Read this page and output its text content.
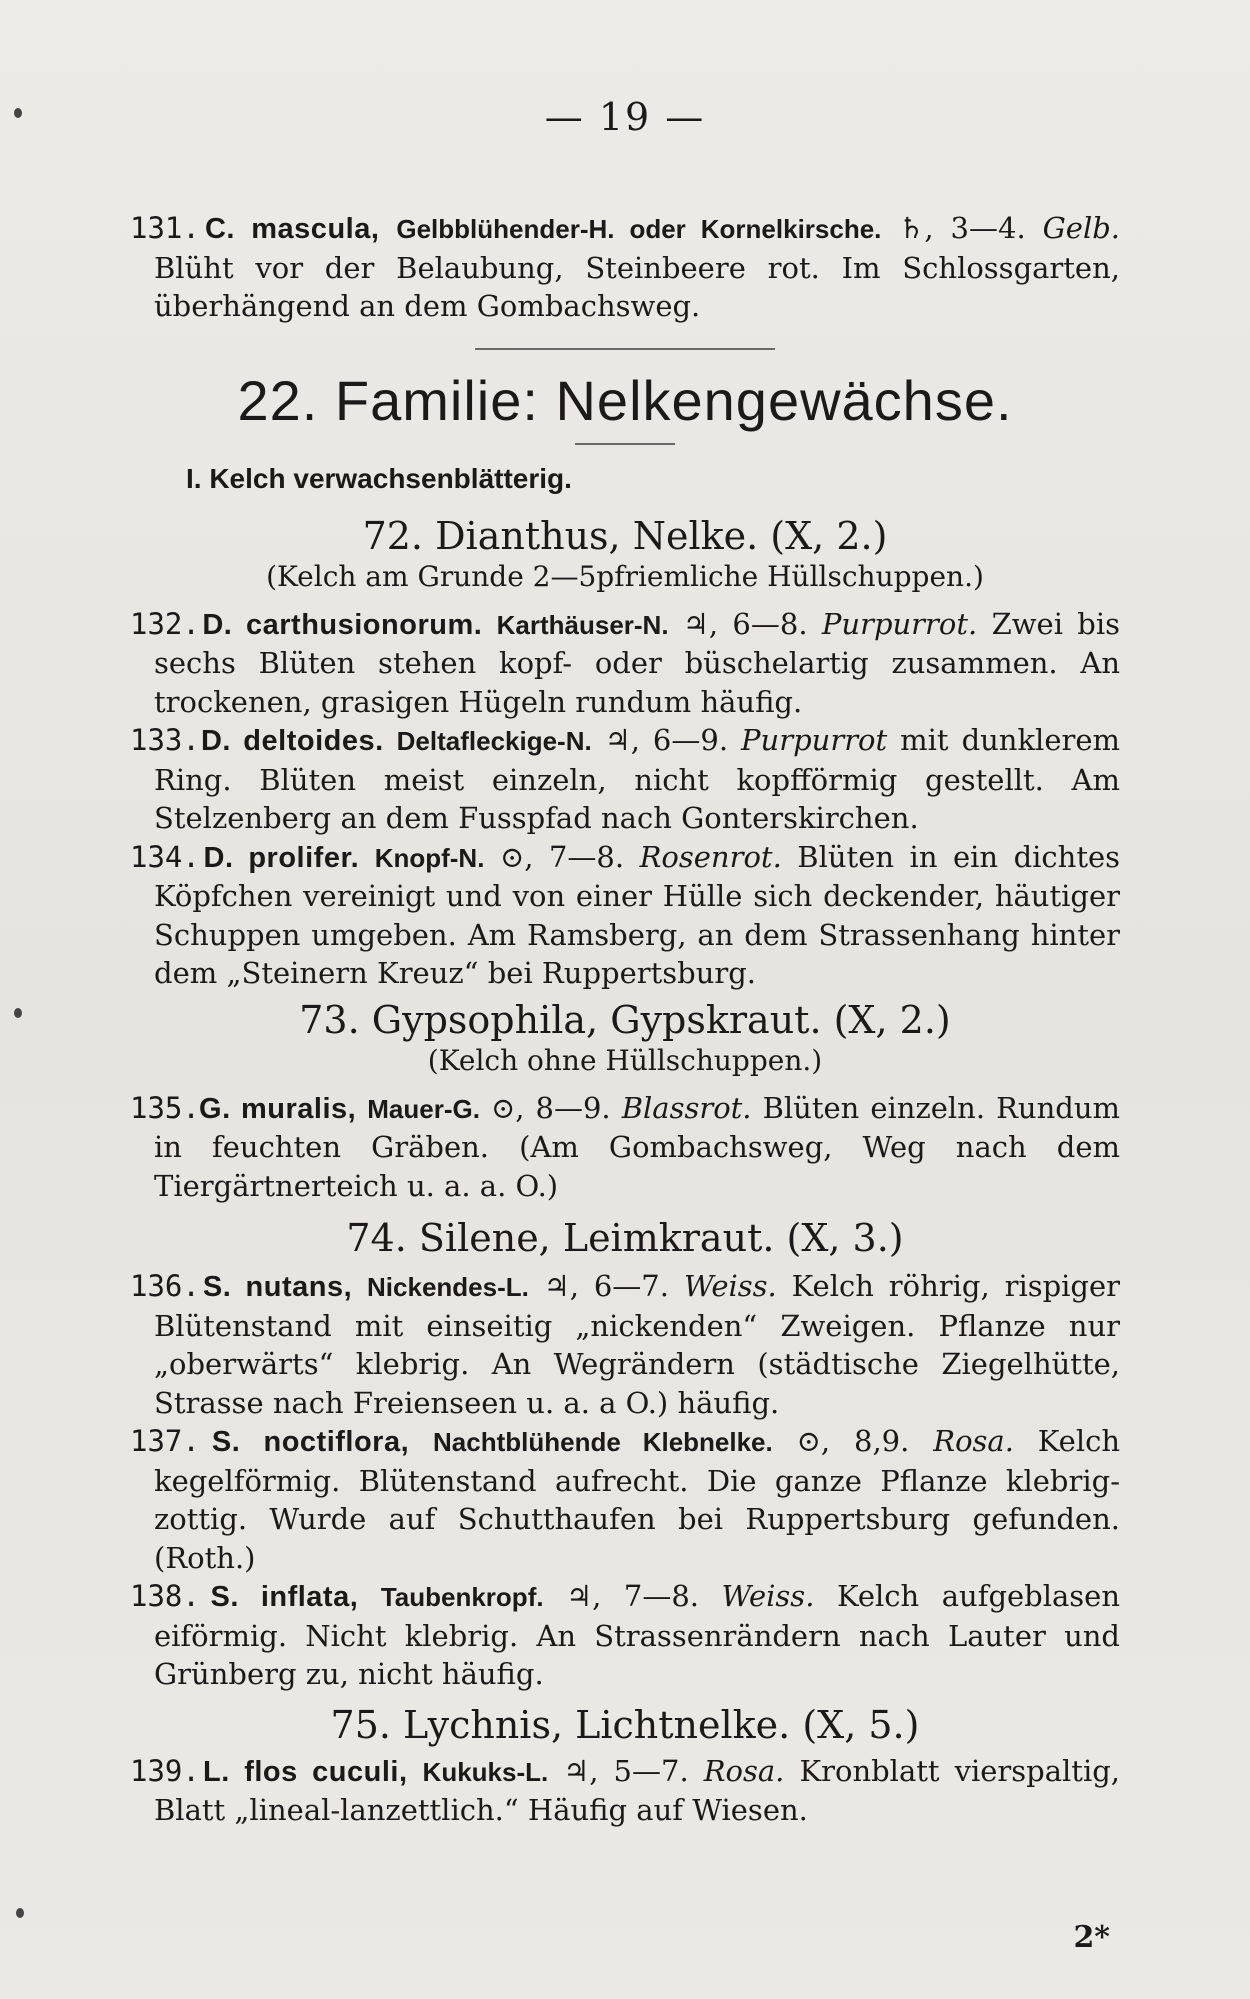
— 19 —
131. C. mascula, Gelbblühender-H. oder Kornelkirsche. ♄, 3—4. Gelb. Blüht vor der Belaubung, Steinbeere rot. Im Schlossgarten, überhängend an dem Gombachsweg.
22. Familie: Nelkengewächse.
I. Kelch verwachsenblätterig.
72. Dianthus, Nelke. (X, 2.)
(Kelch am Grunde 2—5pfriemliche Hüllschuppen.)
132. D. carthusionorum. Karthäuser-N. ♃, 6—8. Purpurrot. Zwei bis sechs Blüten stehen kopf- oder büschelartig zusammen. An trockenen, grasigen Hügeln rundum häufig.
133. D. deltoides. Deltafleckige-N. ♃, 6—9. Purpurrot mit dunklerem Ring. Blüten meist einzeln, nicht kopfförmig gestellt. Am Stelzenberg an dem Fusspfad nach Gonterskirchen.
134. D. prolifer. Knopf-N. ⊙, 7—8. Rosenrot. Blüten in ein dichtes Köpfchen vereinigt und von einer Hülle sich deckender, häutiger Schuppen umgeben. Am Ramsberg, an dem Strassenhang hinter dem „Steinern Kreuz“ bei Ruppertsburg.
73. Gypsophila, Gypskraut. (X, 2.)
(Kelch ohne Hüllschuppen.)
135. G. muralis, Mauer-G. ⊙, 8—9. Blassrot. Blüten einzeln. Rundum in feuchten Gräben. (Am Gombachsweg, Weg nach dem Tiergärtnerteich u. a. a. O.)
74. Silene, Leimkraut. (X, 3.)
136. S. nutans, Nickendes-L. ♃, 6—7. Weiss. Kelch röhrig, rispiger Blütenstand mit einseitig „nickenden“ Zweigen. Pflanze nur „oberwärts“ klebrig. An Wegrändern (städtische Ziegelhütte, Strasse nach Freienseen u. a. a O.) häufig.
137. S. noctiflora, Nachtblühende Klebnelke. ⊙, 8,9. Rosa. Kelch kegelförmig. Blütenstand aufrecht. Die ganze Pflanze klebrig-zottig. Wurde auf Schutthaufen bei Ruppertsburg gefunden. (Roth.)
138. S. inflata, Taubenkropf. ♃, 7—8. Weiss. Kelch aufgeblasen eiförmig. Nicht klebrig. An Strassenrändern nach Lauter und Grünberg zu, nicht häufig.
75. Lychnis, Lichtnelke. (X, 5.)
139. L. flos cuculi, Kukuks-L. ♃, 5—7. Rosa. Kronblatt vierspaltig, Blatt „lineal-lanzettlich.“ Häufig auf Wiesen.
2*
